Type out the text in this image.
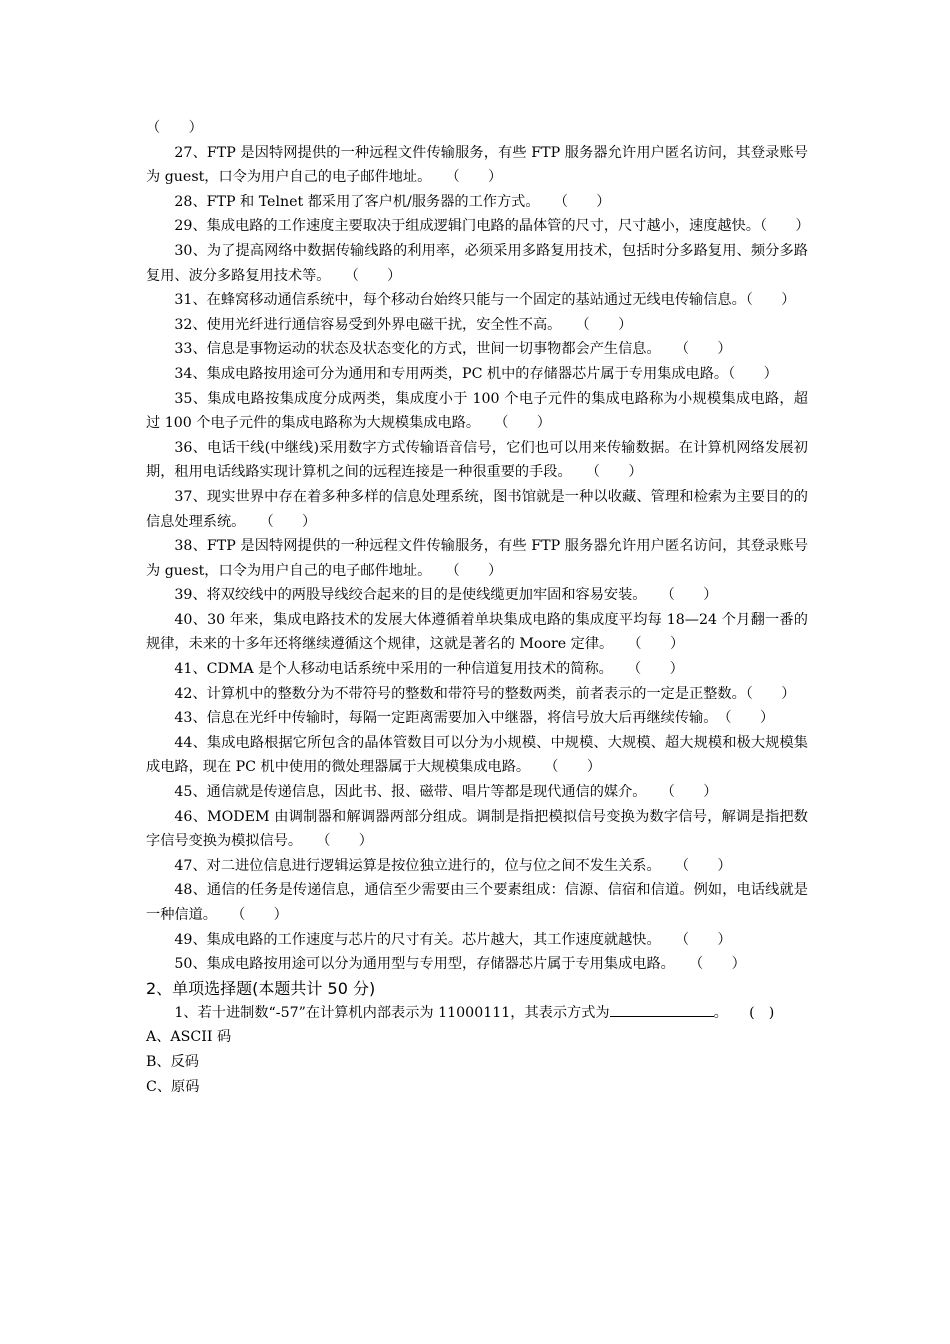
（　　）

27、FTP 是因特网提供的一种远程文件传输服务，有些 FTP 服务器允许用户匿名访问，其登录账号为 guest，口令为用户自己的电子邮件地址。　　（　　）

28、FTP 和 Telnet 都采用了客户机/服务器的工作方式。　　（　　）

29、集成电路的工作速度主要取决于组成逻辑门电路的晶体管的尺寸，尺寸越小，速度越快。（　　）

30、为了提高网络中数据传输线路的利用率，必须采用多路复用技术，包括时分多路复用、频分多路复用、波分多路复用技术等。　　（　　）

31、在蜂窝移动通信系统中，每个移动台始终只能与一个固定的基站通过无线电传输信息。（　　）

32、使用光纤进行通信容易受到外界电磁干扰，安全性不高。　　（　　）

33、信息是事物运动的状态及状态变化的方式，世间一切事物都会产生信息。　　（　　）

34、集成电路按用途可分为通用和专用两类，PC 机中的存储器芯片属于专用集成电路。（　　）

35、集成电路按集成度分成两类，集成度小于 100 个电子元件的集成电路称为小规模集成电路，超过 100 个电子元件的集成电路称为大规模集成电路。　　（　　）

36、电话干线(中继线)采用数字方式传输语音信号，它们也可以用来传输数据。在计算机网络发展初期，租用电话线路实现计算机之间的远程连接是一种很重要的手段。　　（　　）

37、现实世界中存在着多种多样的信息处理系统，图书馆就是一种以收藏、管理和检索为主要目的的信息处理系统。　　（　　）

38、FTP 是因特网提供的一种远程文件传输服务，有些 FTP 服务器允许用户匿名访问，其登录账号为 guest，口令为用户自己的电子邮件地址。　　（　　）

39、将双绞线中的两股导线绞合起来的目的是使线缆更加牢固和容易安装。　　（　　）

40、30 年来，集成电路技术的发展大体遵循着单块集成电路的集成度平均每 18—24 个月翻一番的规律，未来的十多年还将继续遵循这个规律，这就是著名的 Moore 定律。　　（　　）

41、CDMA 是个人移动电话系统中采用的一种信道复用技术的简称。　　（　　）

42、计算机中的整数分为不带符号的整数和带符号的整数两类，前者表示的一定是正整数。（　　）

43、信息在光纤中传输时，每隔一定距离需要加入中继器，将信号放大后再继续传输。　（　　）

44、集成电路根据它所包含的晶体管数目可以分为小规模、中规模、大规模、超大规模和极大规模集成电路，现在 PC 机中使用的微处理器属于大规模集成电路。　　（　　）

45、通信就是传递信息，因此书、报、磁带、唱片等都是现代通信的媒介。　　（　　）

46、MODEM 由调制器和解调器两部分组成。调制是指把模拟信号变换为数字信号，解调是指把数字信号变换为模拟信号。　　（　　）

47、对二进位信息进行逻辑运算是按位独立进行的，位与位之间不发生关系。　　（　　）

48、通信的任务是传递信息，通信至少需要由三个要素组成：信源、信宿和信道。例如，电话线就是一种信道。　　（　　）

49、集成电路的工作速度与芯片的尺寸有关。芯片越大，其工作速度就越快。　　（　　）

50、集成电路按用途可以分为通用型与专用型，存储器芯片属于专用集成电路。　　（　　）

2、单项选择题(本题共计 50 分)

1、若十进制数“-57”在计算机内部表示为 11000111，其表示方式为	。　　(　)

A、ASCII 码

B、反码

C、原码
